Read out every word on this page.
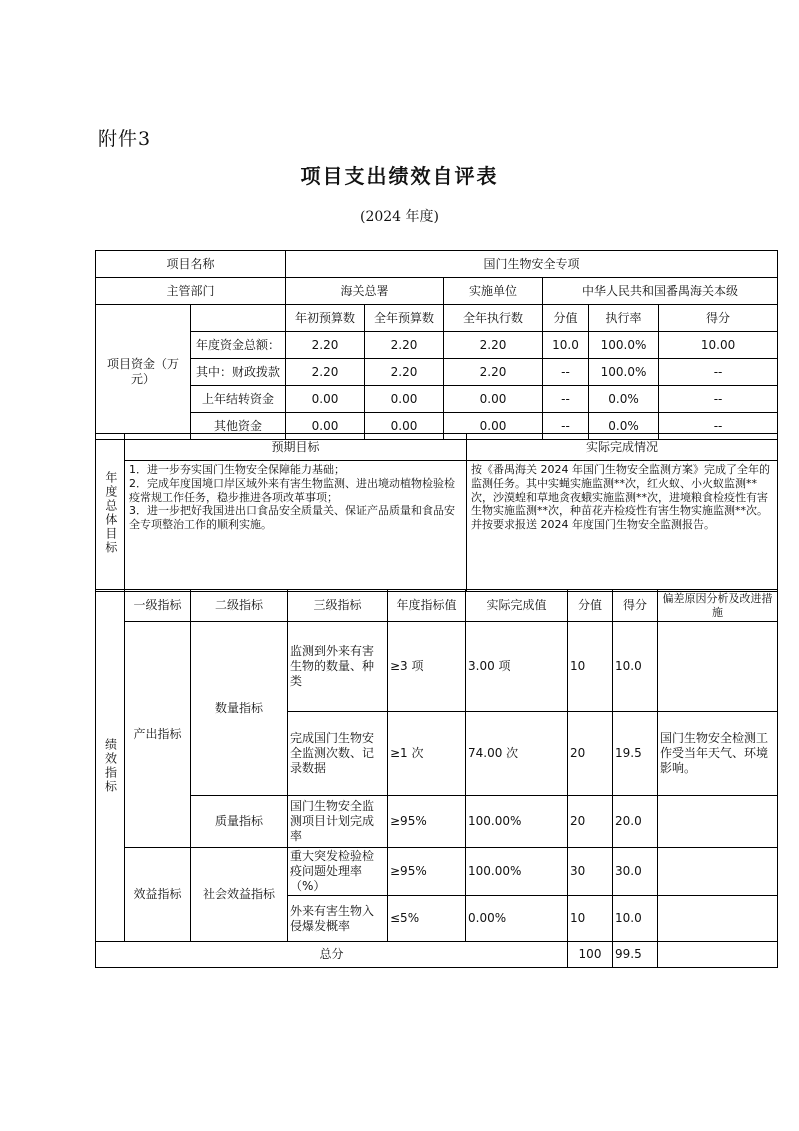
附件3
项目支出绩效自评表
(2024 年度)
项目名称		国门生物安全专项					
主管部门		海关总署		实施单位	中华人民共和国番禺海关本级		
项目资金（万元）		年初预算数	全年预算数	全年执行数	分值	执行率	得分
	年度资金总额：	2.20	2.20	2.20	10.0	100.0%	10.00
	其中：财政拨款	2.20	2.20	2.20	--	100.0%	--
	上年结转资金	0.00	0.00	0.00	--	0.0%	--
	其他资金	0.00	0.00	0.00	--	0.0%	--
年度总体目标	预期目标	实际完成情况
	1．进一步夯实国门生物安全保障能力基础；
2．完成年度国境口岸区域外来有害生物监测、进出境动植物检验检疫常规工作任务，稳步推进各项改革事项；
3．进一步把好我国进出口食品安全质量关、保证产品质量和食品安全专项整治工作的顺利实施。	按《番禺海关 2024 年国门生物安全监测方案》完成了全年的监测任务。其中实蝇实施监测**次，红火蚁、小火蚁监测**次，沙漠蝗和草地贪夜蛾实施监测**次，进境粮食检疫性有害生物实施监测**次，种苗花卉检疫性有害生物实施监测**次。并按要求报送 2024 年度国门生物安全监测报告。
绩效指标	一级指标	二级指标	三级指标	年度指标值	实际完成值	分值	得分	偏差原因分析及改进措施
	产出指标	数量指标	监测到外来有害生物的数量、种类	≥3 项	3.00 项	10	10.0	
			完成国门生物安全监测次数、记录数据	≥1 次	74.00 次	20	19.5	国门生物安全检测工作受当年天气、环境影响。
		质量指标	国门生物安全监测项目计划完成率	≥95%	100.00%	20	20.0	
	效益指标	社会效益指标	重大突发检验检疫问题处理率（%）	≥95%	100.00%	30	30.0	
			外来有害生物入侵爆发概率	≤5%	0.00%	10	10.0	
总分						100	99.5	
